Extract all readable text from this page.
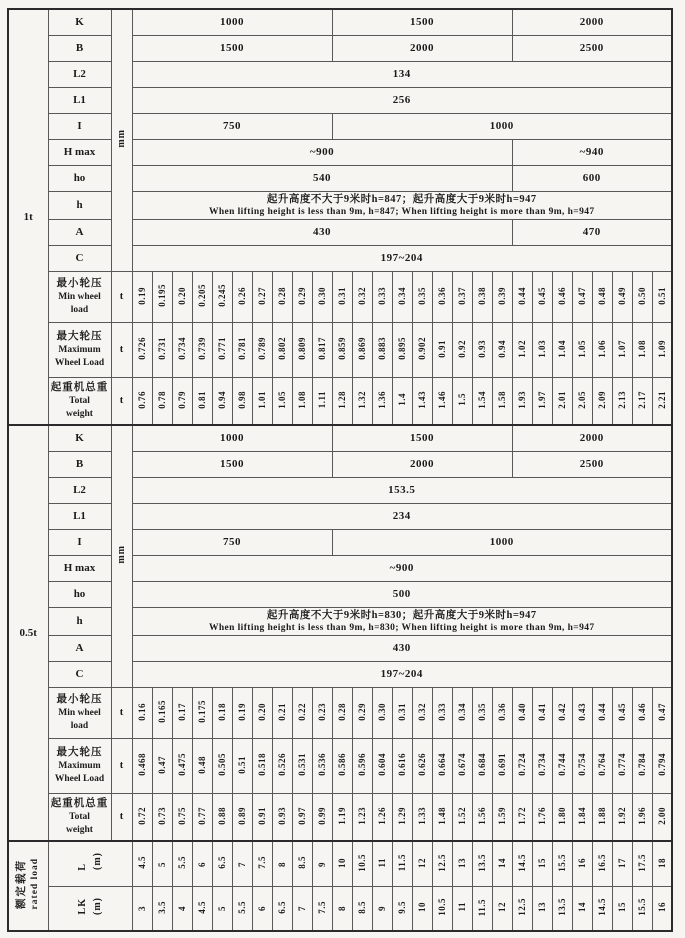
1t	K	mm	1000										1500									2000							
	B		1500										2000									2500							
	L2		134																										
	L1		256																										
	I		750										1000																
	H max		~900																			~940							
	ho		540																			600							
	h		起升高度不大于9米时h=847；起升高度大于9米时h=947
When lifting height is less than 9m, h=847; When lifting height is more than 9m, h=947																										

	A		430																			470							
	C		197~204																										

	最小轮压
Min wheel
load	t	0.19	0.195	0.20	0.205	0.245	0.26	0.27	0.28	0.29	0.30	0.31	0.32	0.33	0.34	0.35	0.36	0.37	0.38	0.39	0.44	0.45	0.46	0.47	0.48	0.49	0.50	0.51

	最大轮压
Maximum
Wheel Load	t	0.726	0.731	0.734	0.739	0.771	0.781	0.789	0.802	0.809	0.817	0.859	0.869	0.883	0.895	0.902	0.91	0.92	0.93	0.94	1.02	1.03	1.04	1.05	1.06	1.07	1.08	1.09

	起重机总重
Total
weight	t	0.76	0.78	0.79	0.81	0.94	0.98	1.01	1.05	1.08	1.11	1.28	1.32	1.36	1.4	1.43	1.46	1.5	1.54	1.58	1.93	1.97	2.01	2.05	2.09	2.13	2.17	2.21
0.5t	K	mm	1000										1500									2000							
	B		1500										2000									2500							
	L2		153.5																										
	L1		234																										
	I		750										1000																
	H max		~900																										
	ho		500																										
	h		起升高度不大于9米时h=830；起升高度大于9米时h=947
When lifting height is less than 9m, h=830; When lifting height is more than 9m, h=947																										

	A		430																										
	C		197~204																										

	最小轮压
Min wheel
load	t	0.16	0.165	0.17	0.175	0.18	0.19	0.20	0.21	0.22	0.23	0.28	0.29	0.30	0.31	0.32	0.33	0.34	0.35	0.36	0.40	0.41	0.42	0.43	0.44	0.45	0.46	0.47

	最大轮压
Maximum
Wheel Load	t	0.468	0.47	0.475	0.48	0.505	0.51	0.518	0.526	0.531	0.536	0.586	0.596	0.604	0.616	0.626	0.664	0.674	0.684	0.691	0.724	0.734	0.744	0.754	0.764	0.774	0.784	0.794

	起重机总重
Total
weight	t	0.72	0.73	0.75	0.77	0.88	0.89	0.91	0.93	0.97	0.99	1.19	1.23	1.26	1.29	1.33	1.48	1.52	1.56	1.59	1.72	1.76	1.80	1.84	1.88	1.92	1.96	2.00
额定载荷 rated load	L (m)		4.5	5	5.5	6	6.5	7	7.5	8	8.5	9	10	10.5	11	11.5	12	12.5	13	13.5	14	14.5	15	15.5	16	16.5	17	17.5	18
	LK (m)		3	3.5	4	4.5	5	5.5	6	6.5	7	7.5	8	8.5	9	9.5	10	10.5	11	11.5	12	12.5	13	13.5	14	14.5	15	15.5	16
